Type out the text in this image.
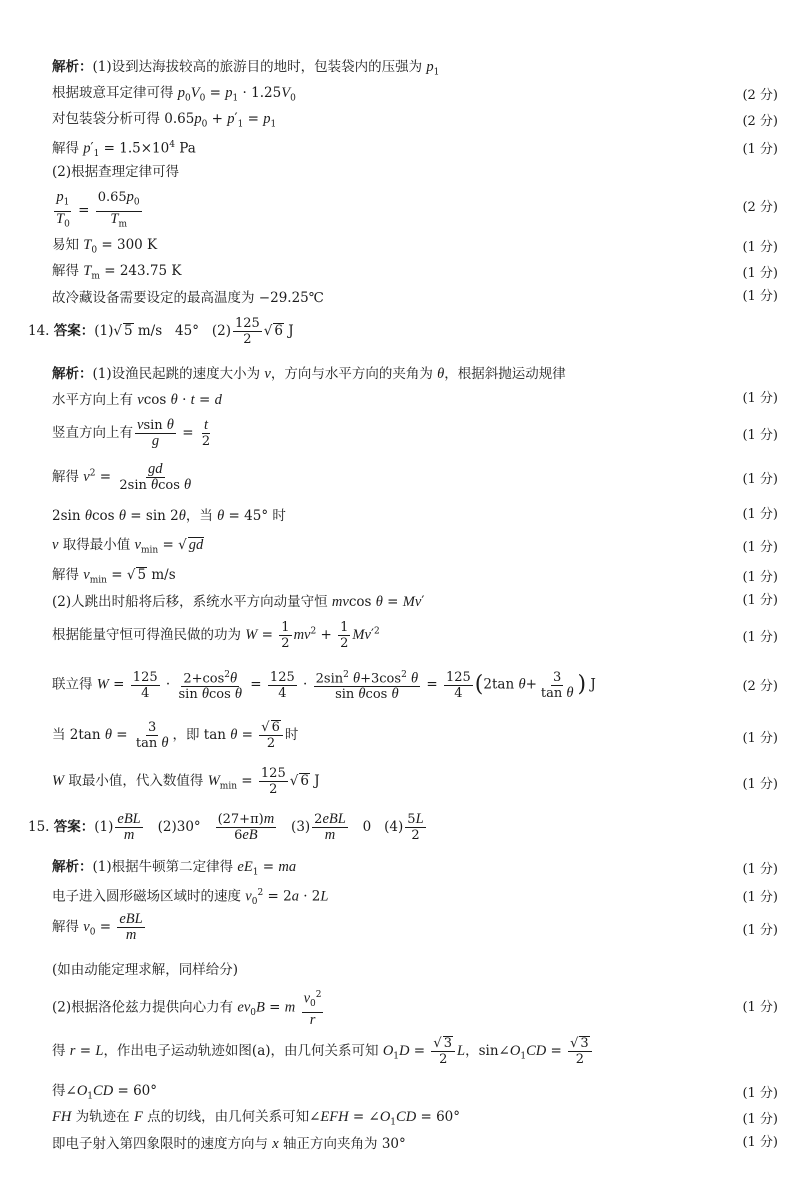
解析：(1)设到达海拔较高的旅游目的地时，包装袋内的压强为 $p_1$
根据玻意耳定律可得 $p_0V_0 = p_1 \cdot 1.25V_0$	(2 分)
对包装袋分析可得 $0.65p_0 + p'_1 = p_1$	(2 分)
解得 $p'_1 = 1.5\times 10^4$ Pa	(1 分)
(2)根据查理定律可得
$\frac{p_1}{T_0} = \frac{0.65p_0}{T_m}$	(2 分)
易知 $T_0 = 300$ K	(1 分)
解得 $T_m = 243.75$ K	(1 分)
故冷藏设备需要设定的最高温度为 −29.25℃	(1 分)
14. 答案：(1)√ 5 m/s   45°   $(2) \frac{125}{2}$ √ 6 J
解析：(1)设渔民起跳的速度大小为 v，方向与水平方向的夹角为 θ，根据斜抛运动规律
水平方向上有 vcos θ · t = d	(1 分)
竖直方向上有 $\frac{\text{vsin θ}}{g} = \frac{t}{2}$	(1 分)
解得 $v^2 = \frac{gd}{\text{2sin θcos θ}}$	(1 分)
2sin θcos θ = sin 2θ，当 θ = 45° 时	(1 分)
v 取得最小值 $v_{min}$ = √ gd	(1 分)
解得 $v_{min}$ = √ 5 m/s	(1 分)
(2)人跳出时船将后移，系统水平方向动量守恒 mvcos θ = Mv′	(1 分)
根据能量守恒可得渔民做的功为 $W = \frac{1}{2} mv^2 + \frac{1}{2} Mv'^2$	(1 分)
联立得 $W = \frac{125}{4} \cdot \frac{2+\cos^2\theta}{\text{sin θcos θ}} = \frac{125}{4} \cdot \frac{2\sin^2 \theta+3\cos^2 \theta}{\text{sin θcos θ}} = \frac{125}{4} (2\tan$ $\theta+ \frac{3}{\text{tan θ}}$ ) J	(2 分)
当 2tan $\theta = \frac{3}{\text{tan θ}}$ ，即 $\tan \theta = \frac{√ 6}{2}$ 时	(1 分)
W 取最小值，代入数值得 $W_{min} = \frac{125}{2}$ √ 6 J	(1 分)
15. 答案：$(1) \frac{\text{eBL}}{m} (2)30^\circ \frac{(27+\pi)m}{6eB} (3) \frac{\text{2eBL}}{m} 0$   $(4) \frac{5L}{2}$
解析：(1)根据牛顿第二定律得 $eE_1$ = ma	(1 分)
电子进入圆形磁场区域时的速度 $v_0^2 = 2a \cdot 2L$	(1 分)
解得 $v_0 = \frac{\text{eBL}}{m}$	(1 分)
(如由动能定理求解，同样给分)
(2)根据洛伦兹力提供向心力有 $ev_0B = m \frac{v_0^2}{r}$	(1 分)
得 r = L，作出电子运动轨迹如图(a)，由几何关系可知 $O_1D = \frac{√ 3}{2}$ L，$\sin\angle O_1CD = \frac{√ 3}{2}$
得$\angle O_1CD = 60^\circ$	(1 分)
FH 为轨迹在 F 点的切线，由几何关系可知∠EFH = $\angle O_1CD = 60^\circ$	(1 分)
即电子射入第四象限时的速度方向与 x 轴正方向夹角为 30°	(1 分)
